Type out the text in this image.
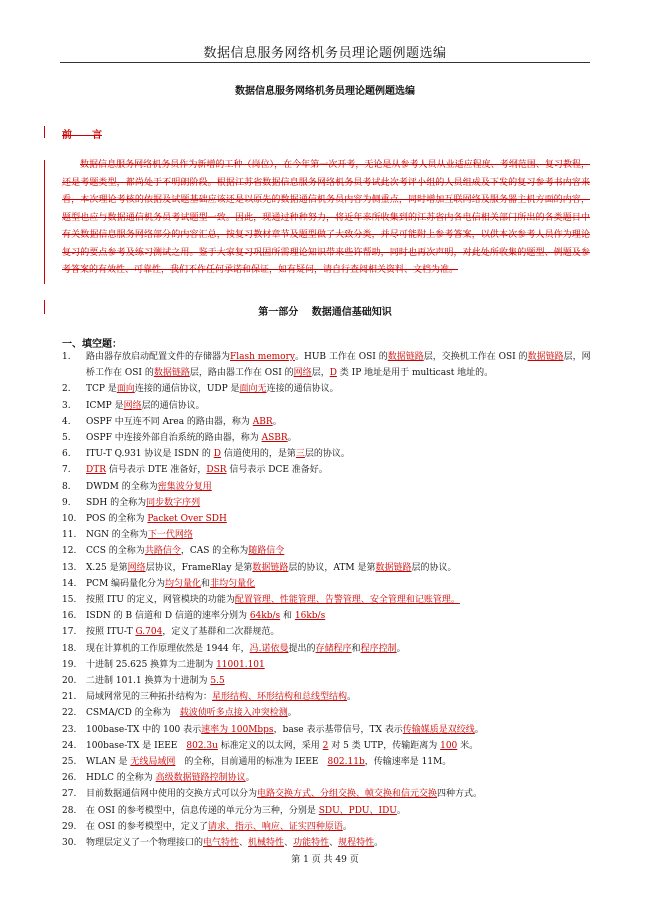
数据信息服务网络机务员理论题例题选编
数据信息服务网络机务员理论题例题选编
前　　言
数据信息服务网络机务员作为新增的工种（岗位），在今年第一次开考，无论是从参考人员从业适应程度、考纲范围、复习教程，还是考题类型，都尚处于不明朗阶段。根据江苏省数据信息服务网络机务员考试此次考评小组的人员组成及下发的复习参考书内容来看，本次理论考核的依据及试题基础应该还是以原先的数据通信机务员内容为侧重点，同时增加互联网络及服务器主机方面的内容，题型也应与数据通信机务员考试题型一致。因此，现通过种种努力，将近年来所收集到的江苏省内各电信相关部门所出的各类题目中有关数据信息服务网络部分的内容汇总，按复习教材章节及题型做了大致分类，并尽可能附上参考答案，以供本次参考人员作为理论复习的要点参考及练习测试之用。鉴于大家复习巩固所需理论知识带来些许帮助，同时也再次声明，对此处所收集的题型、例题及参考答案的有效性、可靠性，我们不作任何承诺和保证，如有疑问，请自行查阅相关资料、文档为准。
第一部分　 数据通信基础知识
一、填空题：
1. 路由器存放启动配置文件的存储器为Flash memory。HUB 工作在 OSI 的数据链路层，交换机工作在 OSI 的数据链路层，网桥工作在 OSI 的数据链路层，路由器工作在 OSI 的网络层，D 类 IP 地址是用于 multicast 地址的。
2. TCP 是面向连接的通信协议，UDP 是面向无连接的通信协议。
3. ICMP 是网络层的通信协议。
4. OSPF 中互连不同 Area 的路由器，称为 ABR。
5. OSPF 中连接外部自治系统的路由器，称为 ASBR。
6. ITU-T Q.931 协议是 ISDN 的 D 信道使用的，是第三层的协议。
7. DTR 信号表示 DTE 准备好，DSR 信号表示 DCE 准备好。
8. DWDM 的全称为密集波分复用
9. SDH 的全称为同步数字序列
10. POS 的全称为 Packet Over SDH
11. NGN 的全称为下一代网络
12. CCS 的全称为共路信令，CAS 的全称为随路信令
13. X.25 是第网络层协议，FrameRlay 是第数据链路层的协议，ATM 是第数据链路层的协议。
14. PCM 编码量化分为均匀量化和非均匀量化
15. 按照 ITU 的定义，网管模块的功能为配置管理、性能管理、告警管理、安全管理和记账管理。
16. ISDN 的 B 信道和 D 信道的速率分别为 64kb/s 和 16kb/s
17. 按照 ITU-T G.704，定义了基群和二次群规范。
18. 现在计算机的工作原理依然是 1944 年，冯.诺依曼提出的存储程序和程序控制。
19. 十进制 25.625 换算为二进制为 11001.101
20. 二进制 101.1 换算为十进制为 5.5
21. 局域网常见的三种拓扑结构为：星形结构、环形结构和总线型结构。
22. CSMA/CD 的全称为　载波侦听多点接入冲突检测。
23. 100base-TX 中的 100 表示速率为 100Mbps，base 表示基带信号，TX 表示传输媒质是双绞线。
24. 100base-TX 是 IEEE　802.3u 标准定义的以太网，采用 2 对 5 类 UTP，传输距离为 100 米。
25. WLAN 是 无线局域网　的全称，目前通用的标准为 IEEE　802.11b，传输速率是 11M。
26. HDLC 的全称为 高级数据链路控制协议。
27. 目前数据通信网中使用的交换方式可以分为电路交换方式、分组交换、帧交换和信元交换四种方式。
28. 在 OSI 的参考模型中，信息传递的单元分为三种，分别是 SDU、PDU、IDU。
29. 在 OSI 的参考模型中，定义了请求、指示、响应、证实四种原语。
30. 物理层定义了一个物理接口的电气特性、机械特性、功能特性、规程特性。
第 1 页 共 49 页
